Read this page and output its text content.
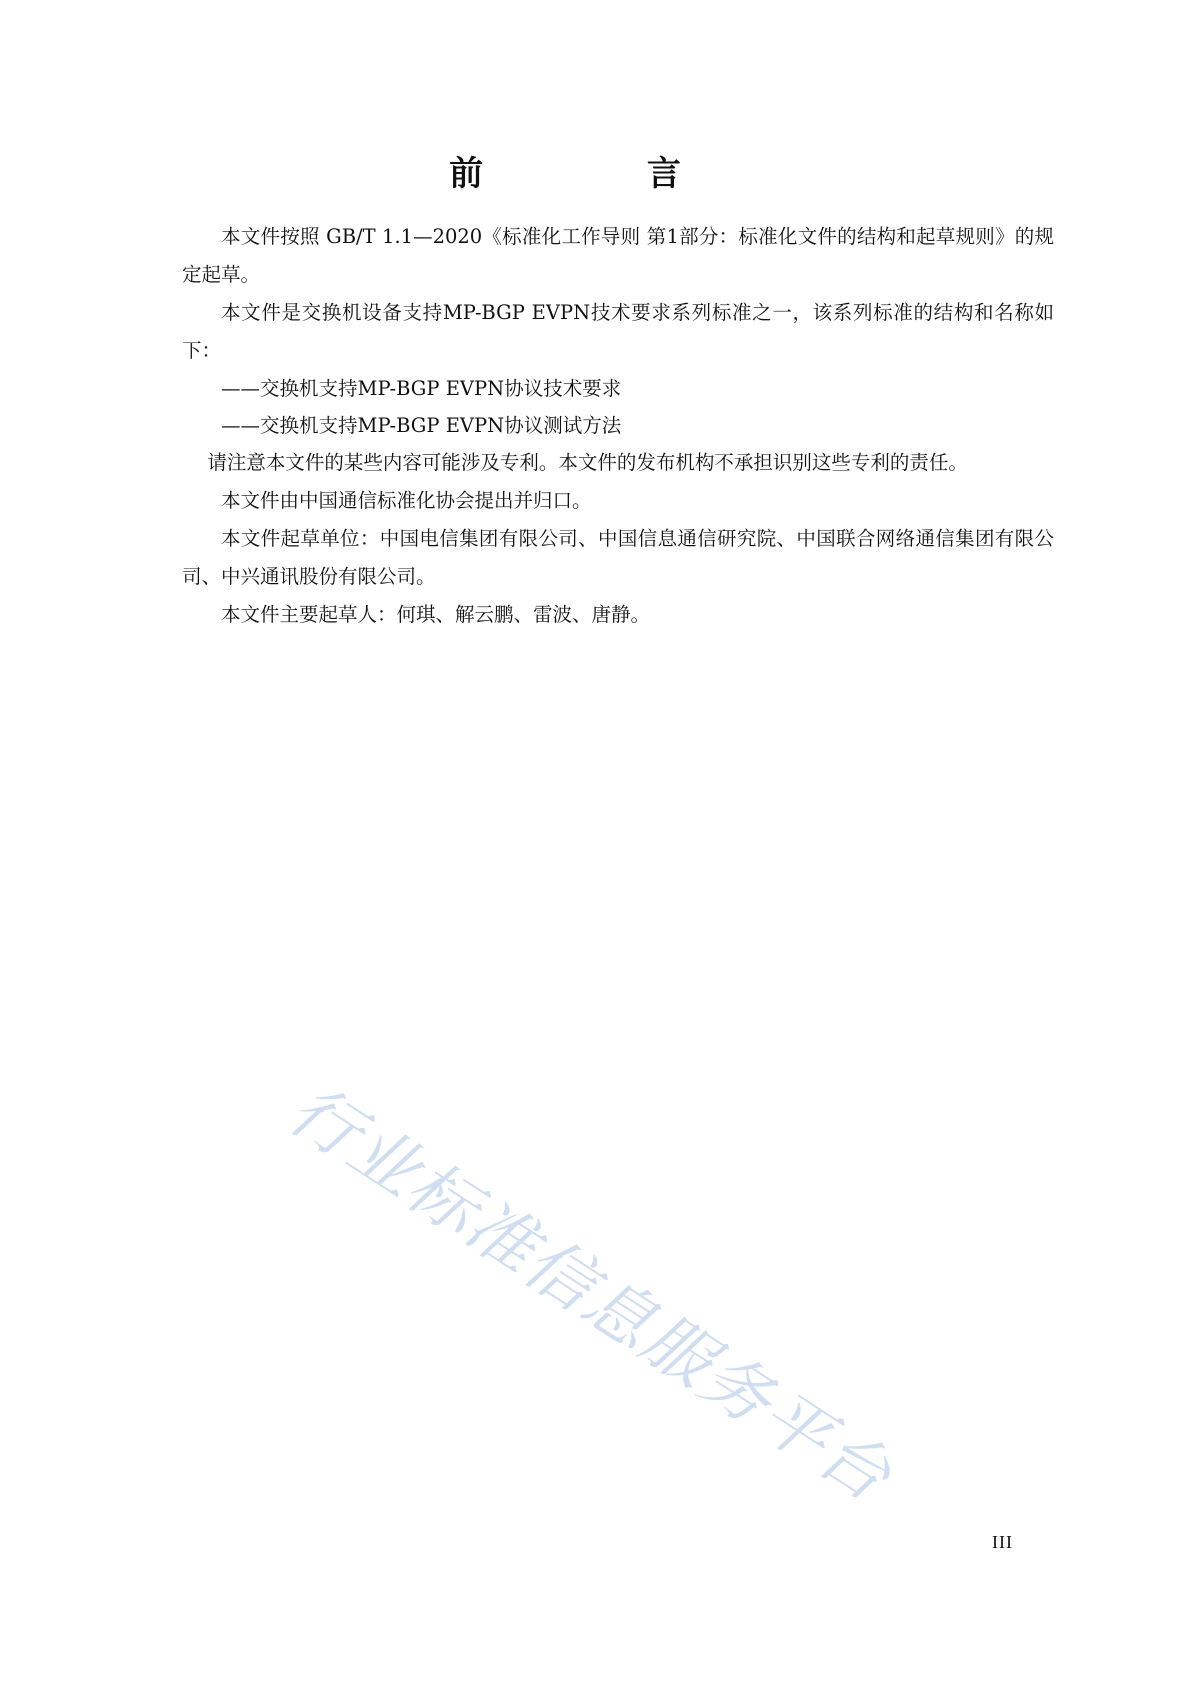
前 言

本文件按照 GB/T 1.1—2020《标准化工作导则 第1部分：标准化文件的结构和起草规则》的规定起草。

本文件是交换机设备支持MP-BGP EVPN技术要求系列标准之一，该系列标准的结构和名称如下：

——交换机支持MP-BGP EVPN协议技术要求

——交换机支持MP-BGP EVPN协议测试方法

请注意本文件的某些内容可能涉及专利。本文件的发布机构不承担识别这些专利的责任。

本文件由中国通信标准化协会提出并归口。

本文件起草单位：中国电信集团有限公司、中国信息通信研究院、中国联合网络通信集团有限公司、中兴通讯股份有限公司。

本文件主要起草人：何琪、解云鹏、雷波、唐静。

行业标准信息服务平台
III
